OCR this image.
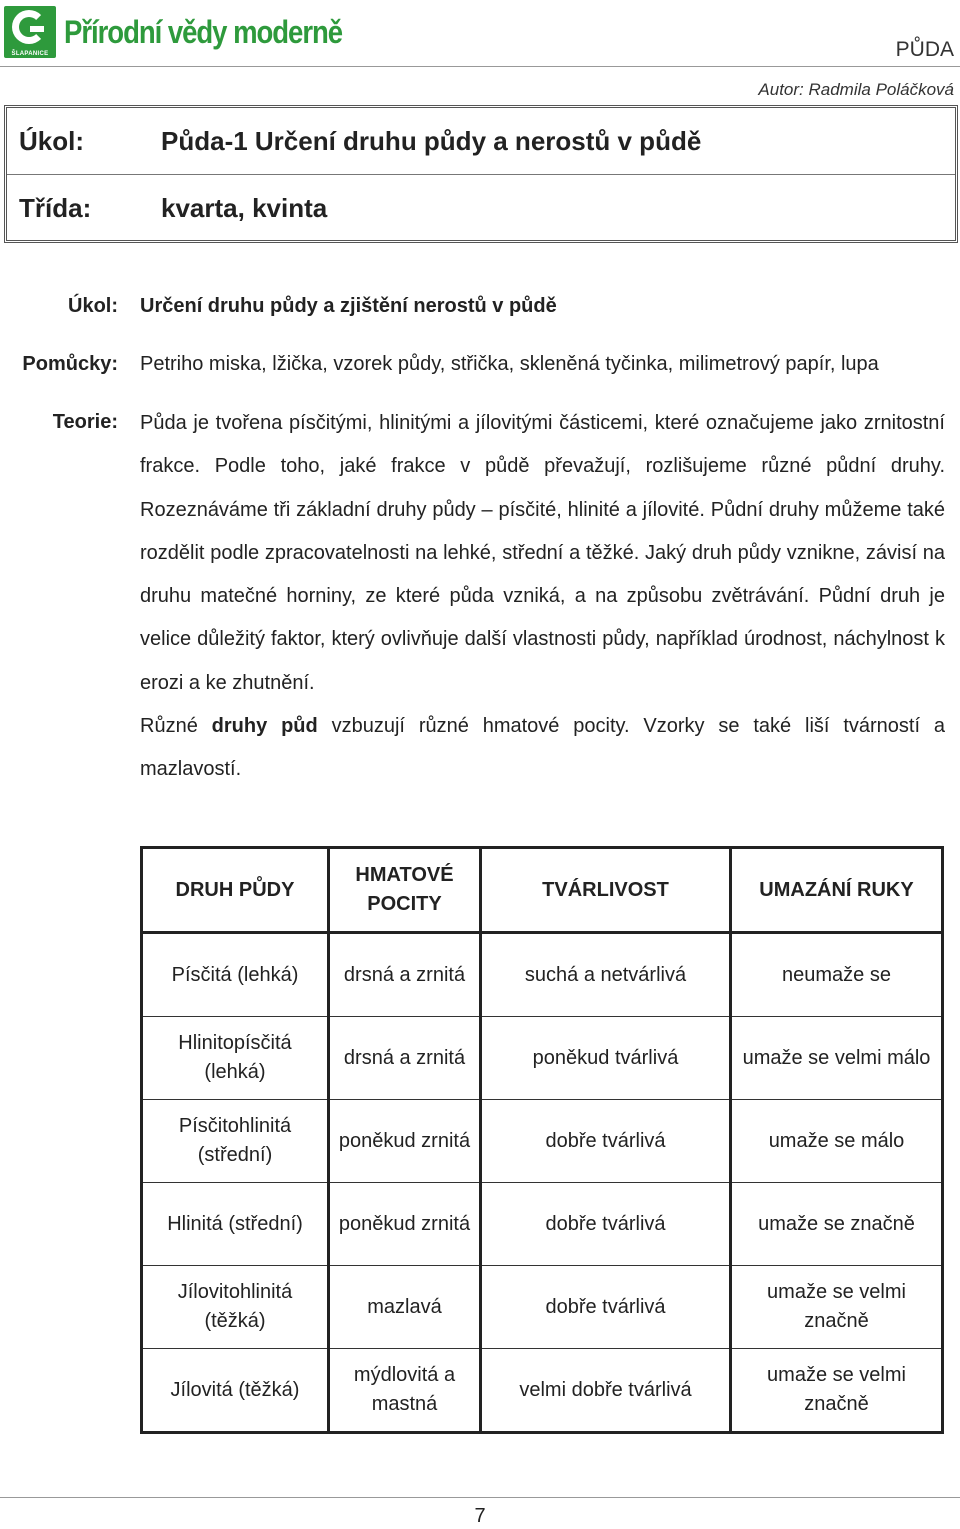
ŠLAPANICE
Přírodní vědy moderně	PŮDA
Autor: Radmila Poláčková
Úkol:	Půda-1 Určení druhu půdy a nerostů v půdě
Třída:	kvarta, kvinta
Úkol: Určení druhu půdy a zjištění nerostů v půdě
Pomůcky: Petriho miska, lžička, vzorek půdy, střička, skleněná tyčinka, milimetrový papír, lupa
Teorie: Půda je tvořena písčitými, hlinitými a jílovitými částicemi, které označujeme jako zrnitostní frakce. Podle toho, jaké frakce v půdě převažují, rozlišujeme různé půdní druhy. Rozeznáváme tři základní druhy půdy – písčité, hlinité a jílovité. Půdní druhy můžeme také rozdělit podle zpracovatelnosti na lehké, střední a těžké. Jaký druh půdy vznikne, závisí na druhu matečné horniny, ze které půda vzniká, a na způsobu zvětrávání. Půdní druh je velice důležitý faktor, který ovlivňuje další vlastnosti půdy, například úrodnost, náchylnost k erozi a ke zhutnění.

Různé druhy půd vzbuzují různé hmatové pocity. Vzorky se také liší tvárností a mazlavostí.

DRUH PŮDY	HMATOVÉ POCITY	TVÁRLIVOST	UMAZÁNÍ RUKY
Písčitá (lehká)	drsná a zrnitá	suchá a netvárlivá	neumaže se
Hlinitopísčitá (lehká)	drsná a zrnitá	poněkud tvárlivá	umaže se velmi málo
Písčitohlinitá (střední)	poněkud zrnitá	dobře tvárlivá	umaže se málo
Hlinitá (střední)	poněkud zrnitá	dobře tvárlivá	umaže se značně
Jílovitohlinitá (těžká)	mazlavá	dobře tvárlivá	umaže se velmi značně
Jílovitá (těžká)	mýdlovitá a mastná	velmi dobře tvárlivá	umaže se velmi značně
7
